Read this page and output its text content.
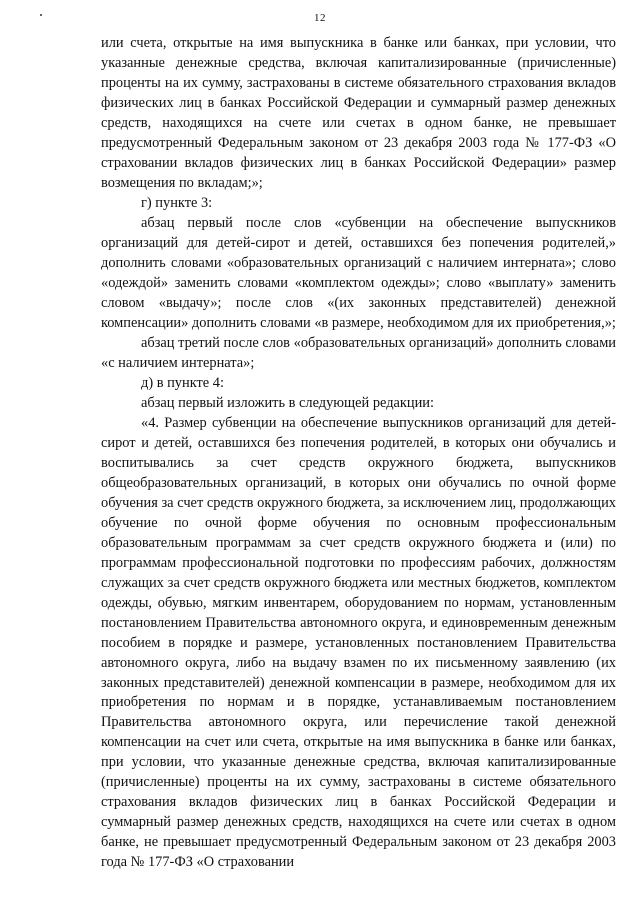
12

или счета, открытые на имя выпускника в банке или банках, при условии, что указанные денежные средства, включая капитализированные (причисленные) проценты на их сумму, застрахованы в системе обязательного страхования вкладов физических лиц в банках Российской Федерации и суммарный размер денежных средств, находящихся на счете или счетах в одном банке, не превышает предусмотренный Федеральным законом от 23 декабря 2003 года № 177-ФЗ «О страховании вкладов физических лиц в банках Российской Федерации» размер возмещения по вкладам;»;

г) пункте 3:

абзац первый после слов «субвенции на обеспечение выпускников организаций для детей-сирот и детей, оставшихся без попечения родителей,» дополнить словами «образовательных организаций с наличием интерната»; слово «одеждой» заменить словами «комплектом одежды»; слово «выплату» заменить словом «выдачу»; после слов «(их законных представителей) денежной компенсации» дополнить словами «в размере, необходимом для их приобретения,»;

абзац третий после слов «образовательных организаций» дополнить словами «с наличием интерната»;

д) в пункте 4:

абзац первый изложить в следующей редакции:

«4. Размер субвенции на обеспечение выпускников организаций для детей-сирот и детей, оставшихся без попечения родителей, в которых они обучались и воспитывались за счет средств окружного бюджета, выпускников общеобразовательных организаций, в которых они обучались по очной форме обучения за счет средств окружного бюджета, за исключением лиц, продолжающих обучение по очной форме обучения по основным профессиональным образовательным программам за счет средств окружного бюджета и (или) по программам профессиональной подготовки по профессиям рабочих, должностям служащих за счет средств окружного бюджета или местных бюджетов, комплектом одежды, обувью, мягким инвентарем, оборудованием по нормам, установленным постановлением Правительства автономного округа, и единовременным денежным пособием в порядке и размере, установленных постановлением Правительства автономного округа, либо на выдачу взамен по их письменному заявлению (их законных представителей) денежной компенсации в размере, необходимом для их приобретения по нормам и в порядке, устанавливаемым постановлением Правительства автономного округа, или перечисление такой денежной компенсации на счет или счета, открытые на имя выпускника в банке или банках, при условии, что указанные денежные средства, включая капитализированные (причисленные) проценты на их сумму, застрахованы в системе обязательного страхования вкладов физических лиц в банках Российской Федерации и суммарный размер денежных средств, находящихся на счете или счетах в одном банке, не превышает предусмотренный Федеральным законом от 23 декабря 2003 года № 177-ФЗ «О страховании
